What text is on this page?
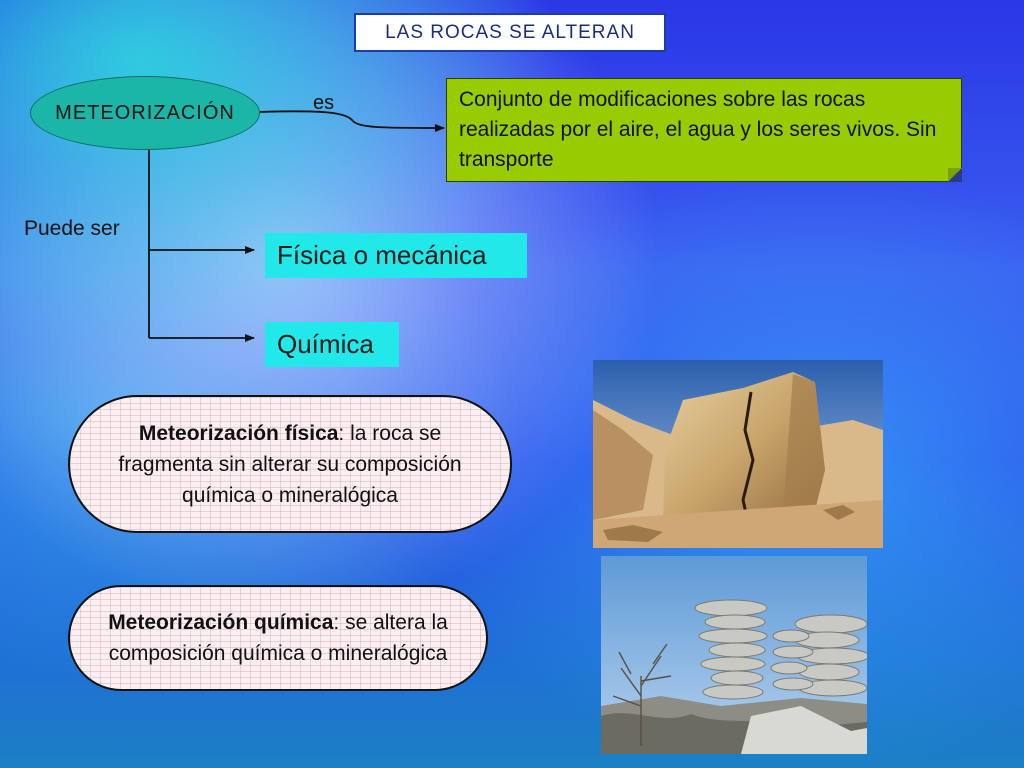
LAS ROCAS SE ALTERAN
METEORIZACIÓN	es	Conjunto de modificaciones sobre las rocas realizadas por el aire, el agua y los seres vivos. Sin transporte
Puede ser
Física o mecánica
Química
Meteorización física: la roca se fragmenta sin alterar su composición química o mineralógica
Meteorización química: se altera la composición química o mineralógica
